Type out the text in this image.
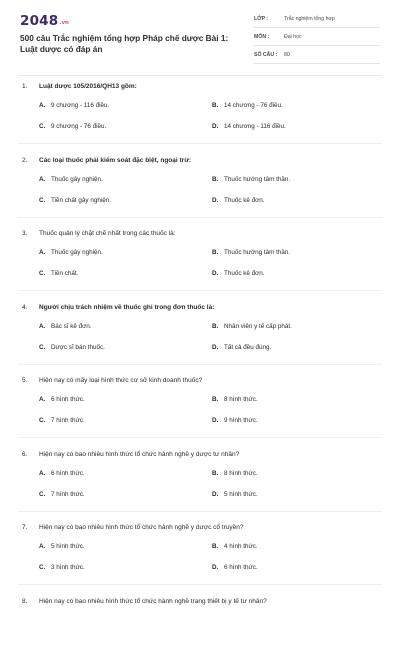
2048 .vn
500 câu Trắc nghiệm tổng hợp Pháp chế dược Bài 1: Luật dược có đáp án
LỚP :	Trắc nghiệm tổng hợp
MÔN :	Đại học
SỐ CÂU : 80
1. Luật dược 105/2016/QH13 gồm:
A. 9 chương - 116 điều.	B. 14 chương - 76 điều.
C. 9 chương - 76 điều.	D. 14 chương - 116 điều.
2. Các loại thuốc phải kiểm soát đặc biệt, ngoại trừ:
A. Thuốc gây nghiện.	B. Thuốc hướng tâm thần.
C. Tiền chất gây nghiện.	D. Thuốc kê đơn.
3. Thuốc quản lý chặt chẽ nhất trong các thuốc là:
A. Thuốc gây nghiện.	B. Thuốc hướng tâm thần.
C. Tiền chất.	D. Thuốc kê đơn.
4. Người chịu trách nhiệm về thuốc ghi trong đơn thuốc là:
A. Bác sĩ kê đơn.	B. Nhân viên y tế cấp phát.
C. Dược sĩ bán thuốc.	D. Tất cả đều đúng.
5. Hiện nay có mấy loại hình thức cơ sở kinh doanh thuốc?
A. 6 hình thức.	B. 8 hình thức.
C. 7 hình thức.	D. 9 hình thức.
6. Hiện nay có bao nhiêu hình thức tổ chức hành nghề y dược tư nhân?
A. 6 hình thức.	B. 8 hình thức.
C. 7 hình thức.	D. 5 hình thức.
7. Hiện nay có bao nhiêu hình thức tổ chức hành nghề y dược cổ truyền?
A. 5 hình thức.	B. 4 hình thức.
C. 3 hình thức.	D. 6 hình thức.
8. Hiện nay có bao nhiêu hình thức tổ chức hành nghề trang thiết bị y tế tư nhân?
